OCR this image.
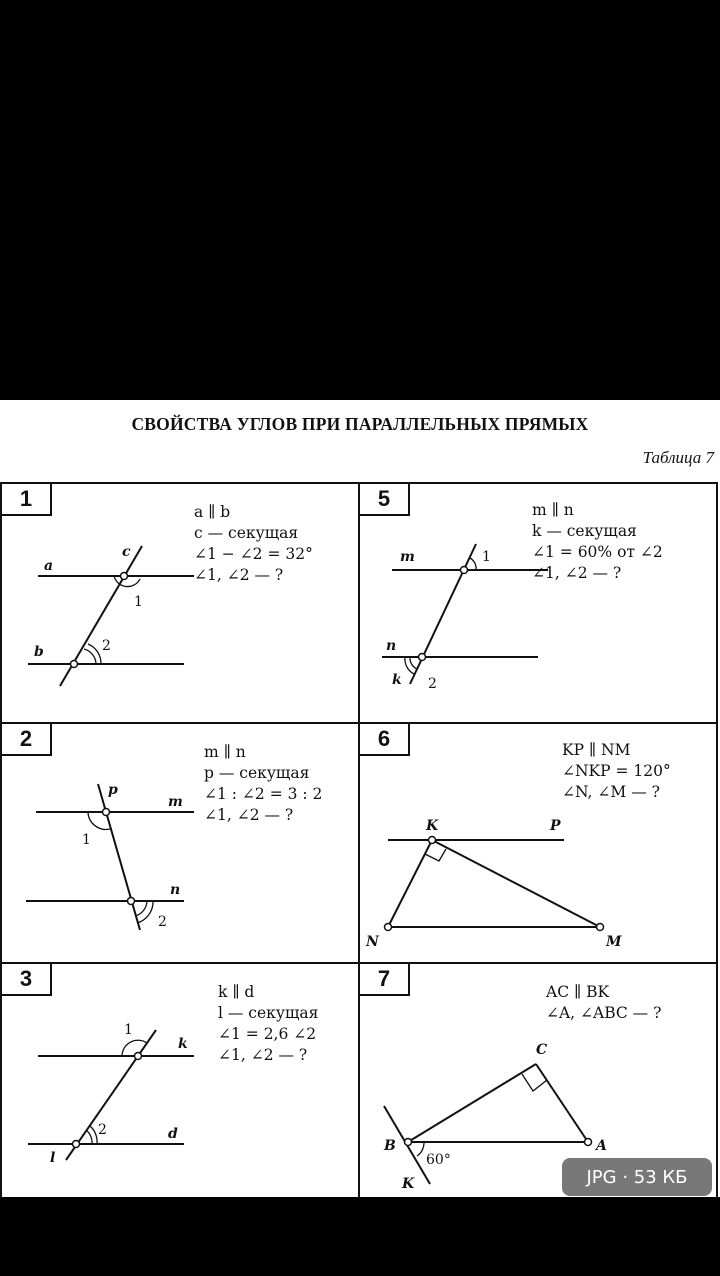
СВОЙСТВА УГЛОВ ПРИ ПАРАЛЛЕЛЬНЫХ ПРЯМЫХ
Таблица 7
1
a ∥ b
c — секущая
∠1 − ∠2 = 32°
∠1, ∠2 — ?
a
b
c
1
2
5	m ∥ n
k — секущая
∠1 = 60% от ∠2
∠1, ∠2 — ?
m
n
k
1
2
2
m ∥ n
p — секущая
∠1 : ∠2 = 3 : 2
∠1, ∠2 — ?
p
m
n
1
2
6	KP ∥ NM
∠NKP = 120°
∠N, ∠M — ?
K	P
N	M
3
k ∥ d
l — секущая
∠1 = 2,6 ∠2
∠1, ∠2 — ?
1
k
2	d
l
7
AC ∥ BK
∠A, ∠ABC — ?
C
B	A
K
60°
JPG · 53 КБ
